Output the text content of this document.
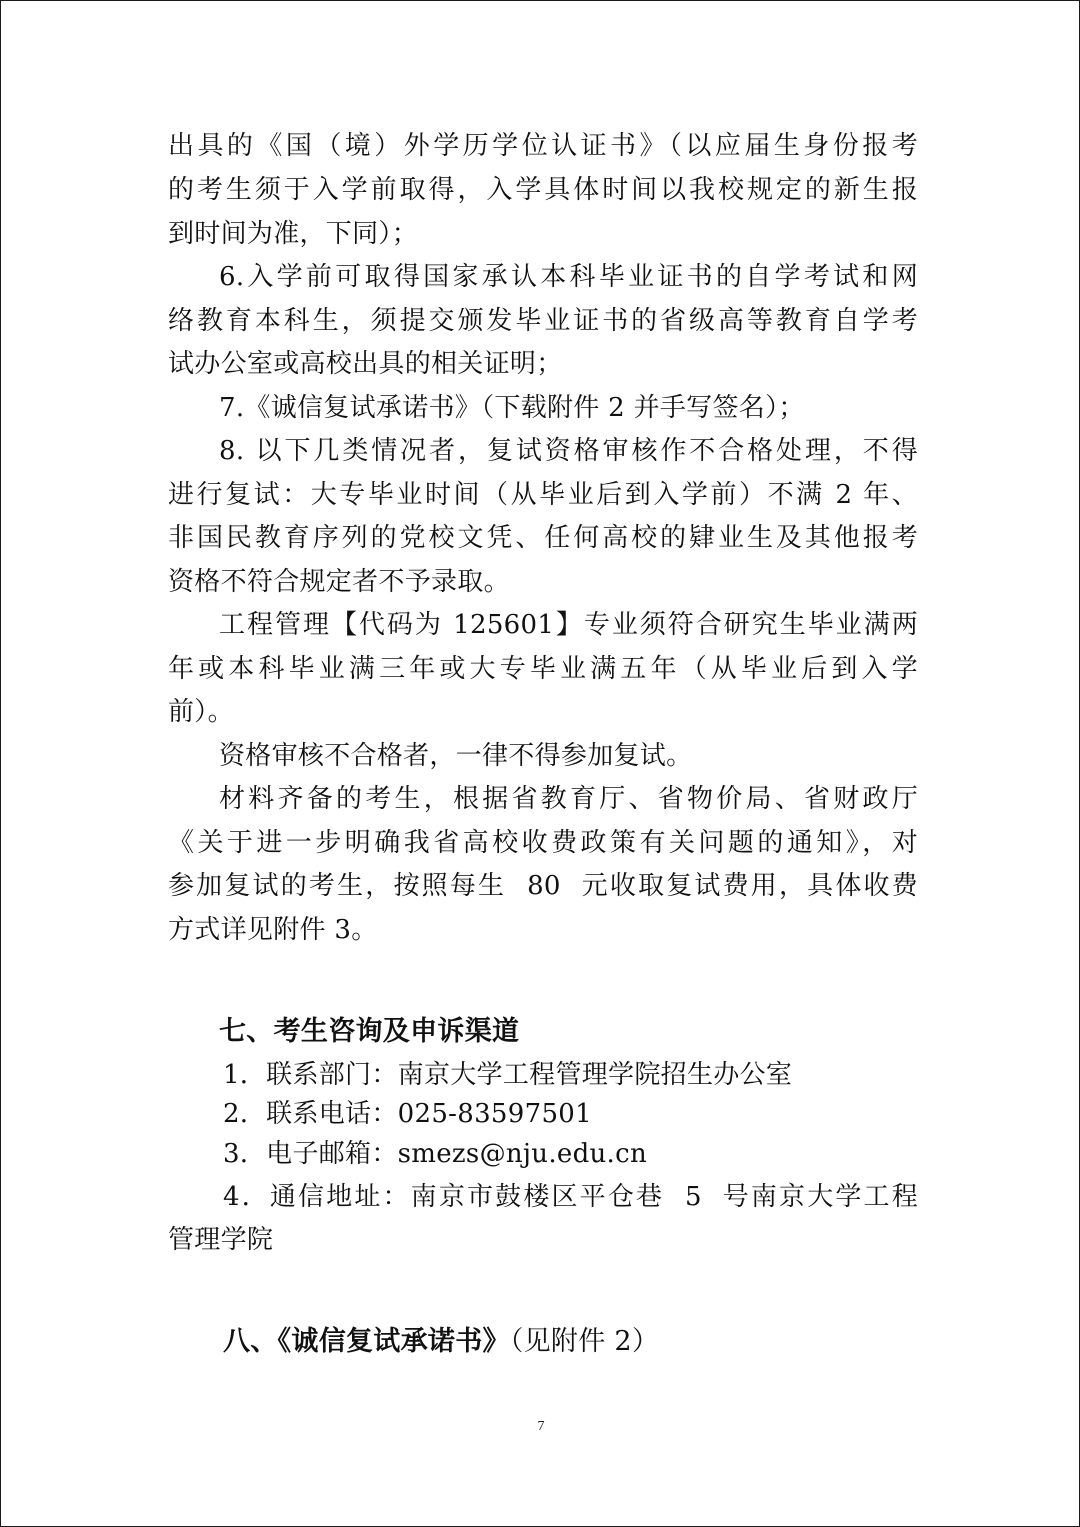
出具的《国（境）外学历学位认证书》（以应届生身份报考
的考生须于入学前取得，入学具体时间以我校规定的新生报
到时间为准，下同）；
6.入学前可取得国家承认本科毕业证书的自学考试和网
络教育本科生，须提交颁发毕业证书的省级高等教育自学考
试办公室或高校出具的相关证明；
7.《诚信复试承诺书》（下载附件 2 并手写签名）；
8. 以下几类情况者，复试资格审核作不合格处理，不得
进行复试：大专毕业时间（从毕业后到入学前）不满 2 年、
非国民教育序列的党校文凭、任何高校的肄业生及其他报考
资格不符合规定者不予录取。
工程管理【代码为 125601】专业须符合研究生毕业满两
年或本科毕业满三年或大专毕业满五年（从毕业后到入学
前）。
资格审核不合格者，一律不得参加复试。
材料齐备的考生，根据省教育厅、省物价局、省财政厅
《关于进一步明确我省高校收费政策有关问题的通知》，对
参加复试的考生，按照每生  80  元收取复试费用，具体收费
方式详见附件 3。
七、考生咨询及申诉渠道
1．联系部门：南京大学工程管理学院招生办公室
2．联系电话：025-83597501
3．电子邮箱：smezs@nju.edu.cn
4．通信地址：南京市鼓楼区平仓巷  5  号南京大学工程
管理学院
八、《诚信复试承诺书》（见附件 2）
7
